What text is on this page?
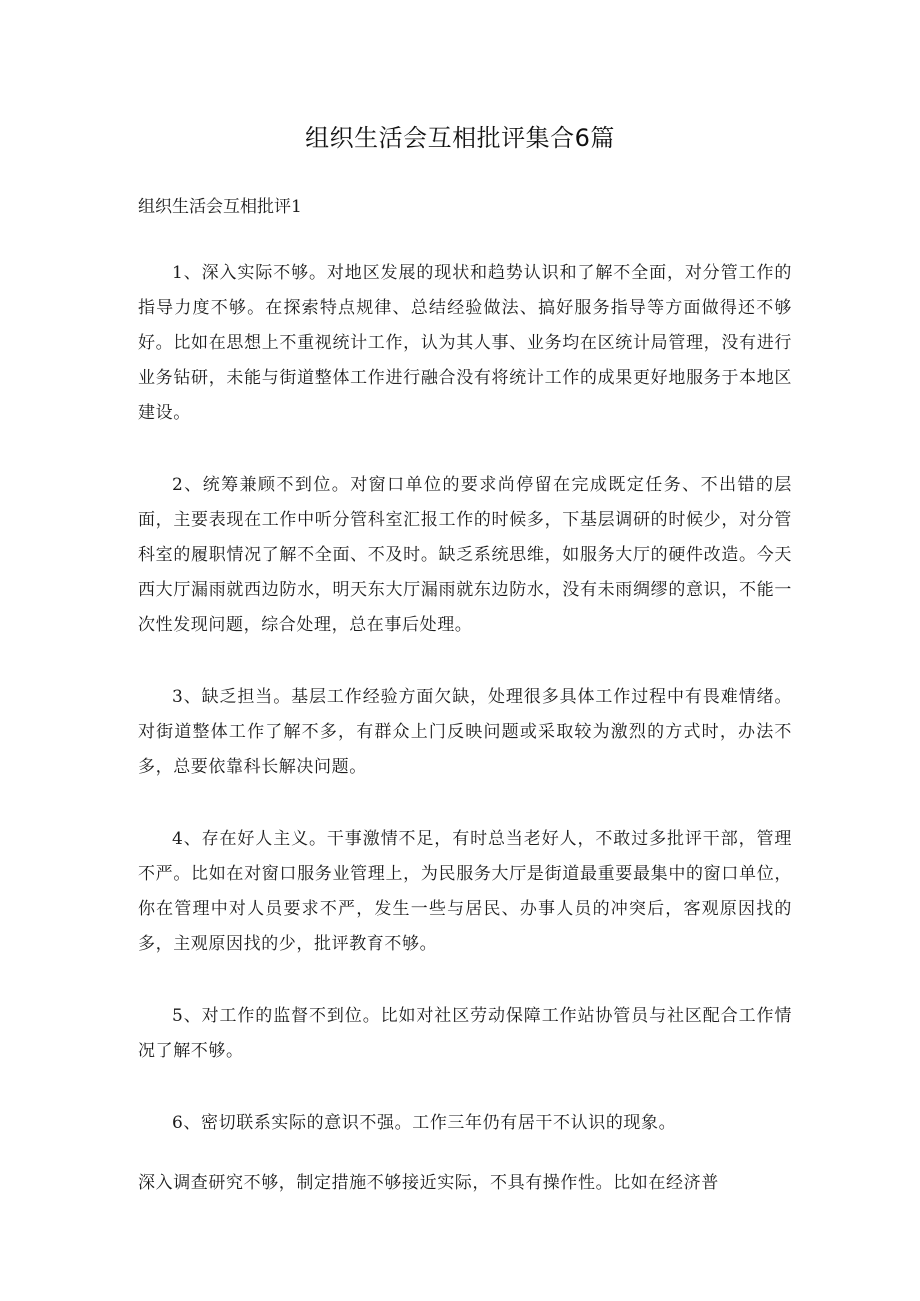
组织生活会互相批评集合6篇
组织生活会互相批评1

1、深入实际不够。对地区发展的现状和趋势认识和了解不全面，对分管工作的指导力度不够。在探索特点规律、总结经验做法、搞好服务指导等方面做得还不够好。比如在思想上不重视统计工作，认为其人事、业务均在区统计局管理，没有进行业务钻研，未能与街道整体工作进行融合没有将统计工作的成果更好地服务于本地区建设。

2、统筹兼顾不到位。对窗口单位的要求尚停留在完成既定任务、不出错的层面，主要表现在工作中听分管科室汇报工作的时候多，下基层调研的时候少，对分管科室的履职情况了解不全面、不及时。缺乏系统思维，如服务大厅的硬件改造。今天西大厅漏雨就西边防水，明天东大厅漏雨就东边防水，没有未雨绸缪的意识，不能一次性发现问题，综合处理，总在事后处理。

3、缺乏担当。基层工作经验方面欠缺，处理很多具体工作过程中有畏难情绪。对街道整体工作了解不多，有群众上门反映问题或采取较为激烈的方式时，办法不多，总要依靠科长解决问题。

4、存在好人主义。干事激情不足，有时总当老好人，不敢过多批评干部，管理不严。比如在对窗口服务业管理上，为民服务大厅是街道最重要最集中的窗口单位，你在管理中对人员要求不严，发生一些与居民、办事人员的冲突后，客观原因找的多，主观原因找的少，批评教育不够。

5、对工作的监督不到位。比如对社区劳动保障工作站协管员与社区配合工作情况了解不够。

6、密切联系实际的意识不强。工作三年仍有居干不认识的现象。

深入调查研究不够，制定措施不够接近实际，不具有操作性。比如在经济普
